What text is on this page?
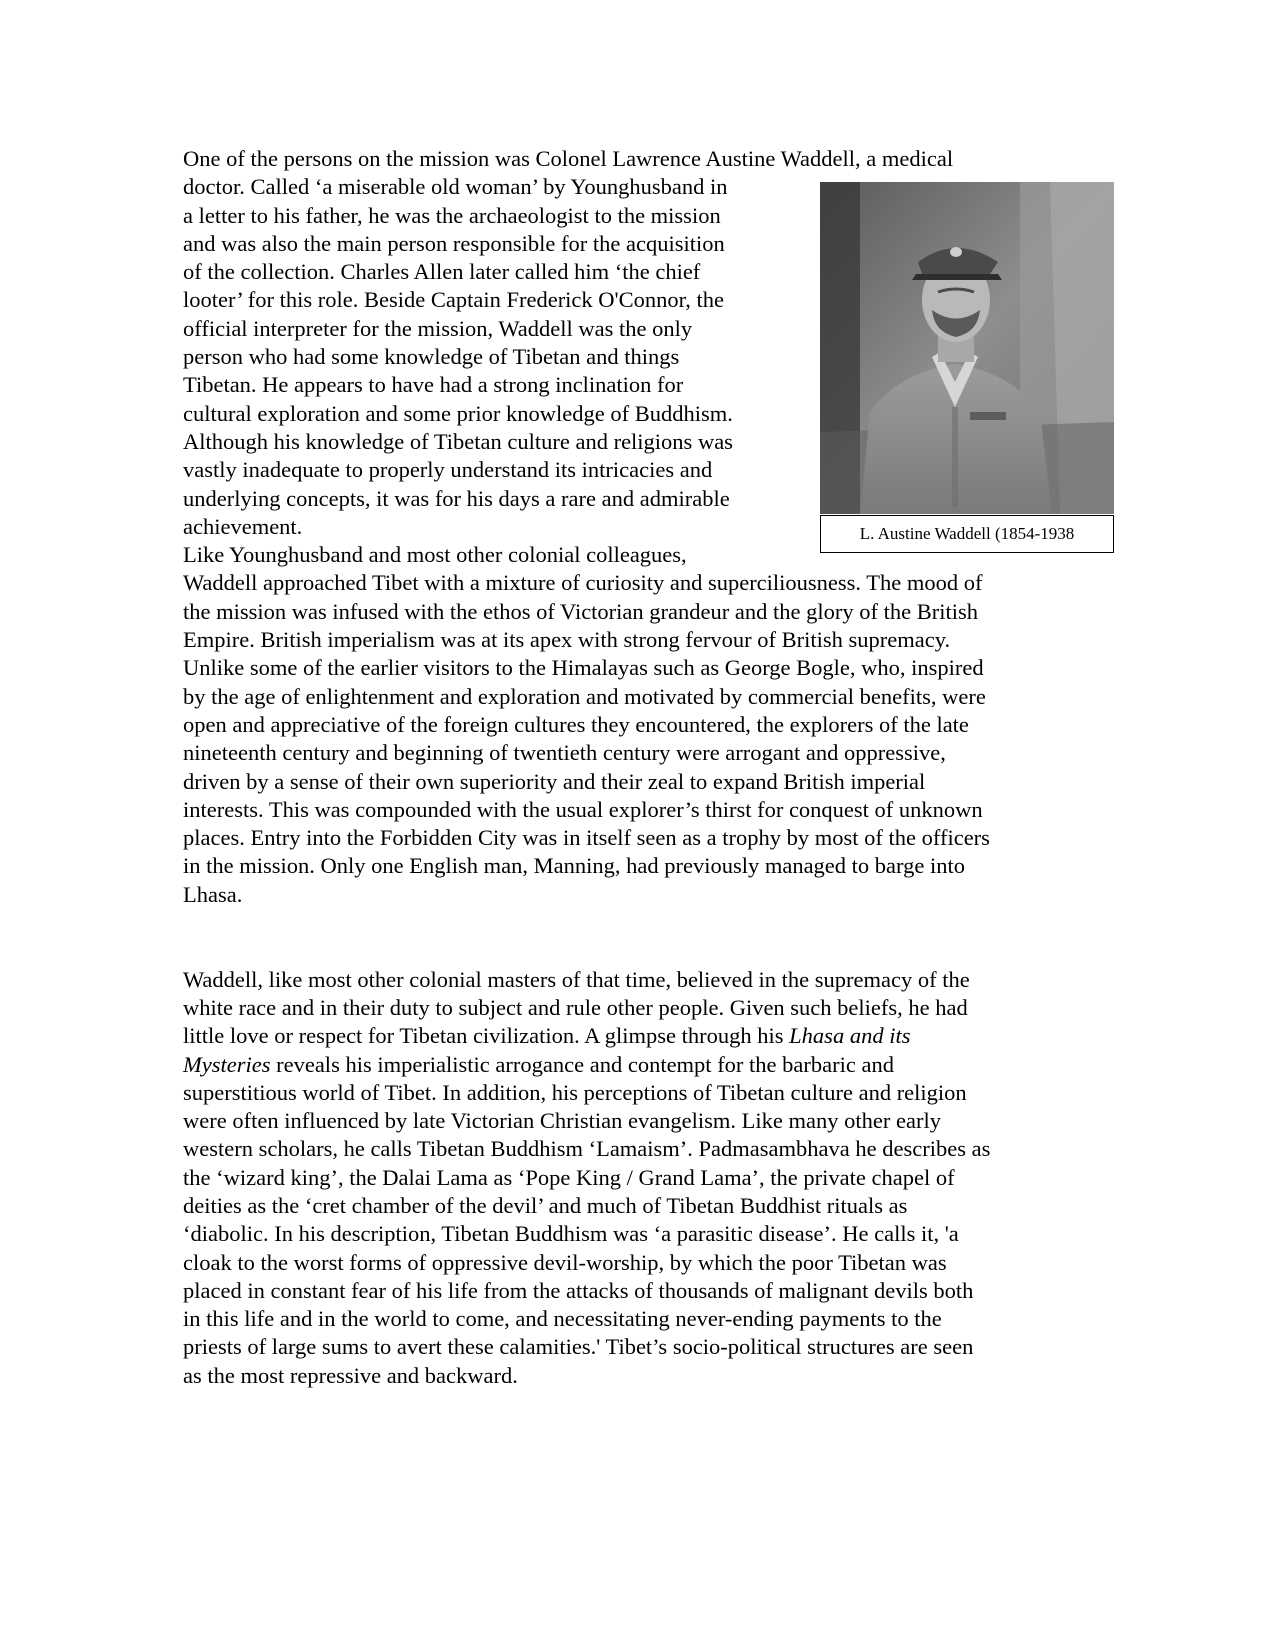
One of the persons on the mission was Colonel Lawrence Austine Waddell, a medical
doctor. Called ‘a miserable old woman’ by Younghusband in
a letter to his father, he was the archaeologist to the mission
and was also the main person responsible for the acquisition
of the collection. Charles Allen later called him ‘the chief
looter’ for this role. Beside Captain Frederick O'Connor, the
official interpreter for the mission, Waddell was the only
person who had some knowledge of Tibetan and things
Tibetan. He appears to have had a strong inclination for
cultural exploration and some prior knowledge of Buddhism.
Although his knowledge of Tibetan culture and religions was
vastly inadequate to properly understand its intricacies and
underlying concepts, it was for his days a rare and admirable
achievement.
Like Younghusband and most other colonial colleagues,
Waddell approached Tibet with a mixture of curiosity and superciliousness. The mood of
the mission was infused with the ethos of Victorian grandeur and the glory of the British
Empire. British imperialism was at its apex with strong fervour of British supremacy.
Unlike some of the earlier visitors to the Himalayas such as George Bogle, who, inspired
by the age of enlightenment and exploration and motivated by commercial benefits, were
open and appreciative of the foreign cultures they encountered, the explorers of the late
nineteenth century and beginning of twentieth century were arrogant and oppressive,
driven by a sense of their own superiority and their zeal to expand British imperial
interests. This was compounded with the usual explorer’s thirst for conquest of unknown
places. Entry into the Forbidden City was in itself seen as a trophy by most of the officers
in the mission. Only one English man, Manning, had previously managed to barge into
Lhasa.
Waddell, like most other colonial masters of that time, believed in the supremacy of the
white race and in their duty to subject and rule other people. Given such beliefs, he had
little love or respect for Tibetan civilization. A glimpse through his Lhasa and its
Mysteries reveals his imperialistic arrogance and contempt for the barbaric and
superstitious world of Tibet. In addition, his perceptions of Tibetan culture and religion
were often influenced by late Victorian Christian evangelism. Like many other early
western scholars, he calls Tibetan Buddhism ‘Lamaism’. Padmasambhava he describes as
the ‘wizard king’, the Dalai Lama as ‘Pope King / Grand Lama’, the private chapel of
deities as the ‘cret chamber of the devil’ and much of Tibetan Buddhist rituals as
‘diabolic. In his description, Tibetan Buddhism was ‘a parasitic disease’. He calls it, 'a
cloak to the worst forms of oppressive devil-worship, by which the poor Tibetan was
placed in constant fear of his life from the attacks of thousands of malignant devils both
in this life and in the world to come, and necessitating never-ending payments to the
priests of large sums to avert these calamities.' Tibet’s socio-political structures are seen
as the most repressive and backward.
L. Austine Waddell (1854-1938
